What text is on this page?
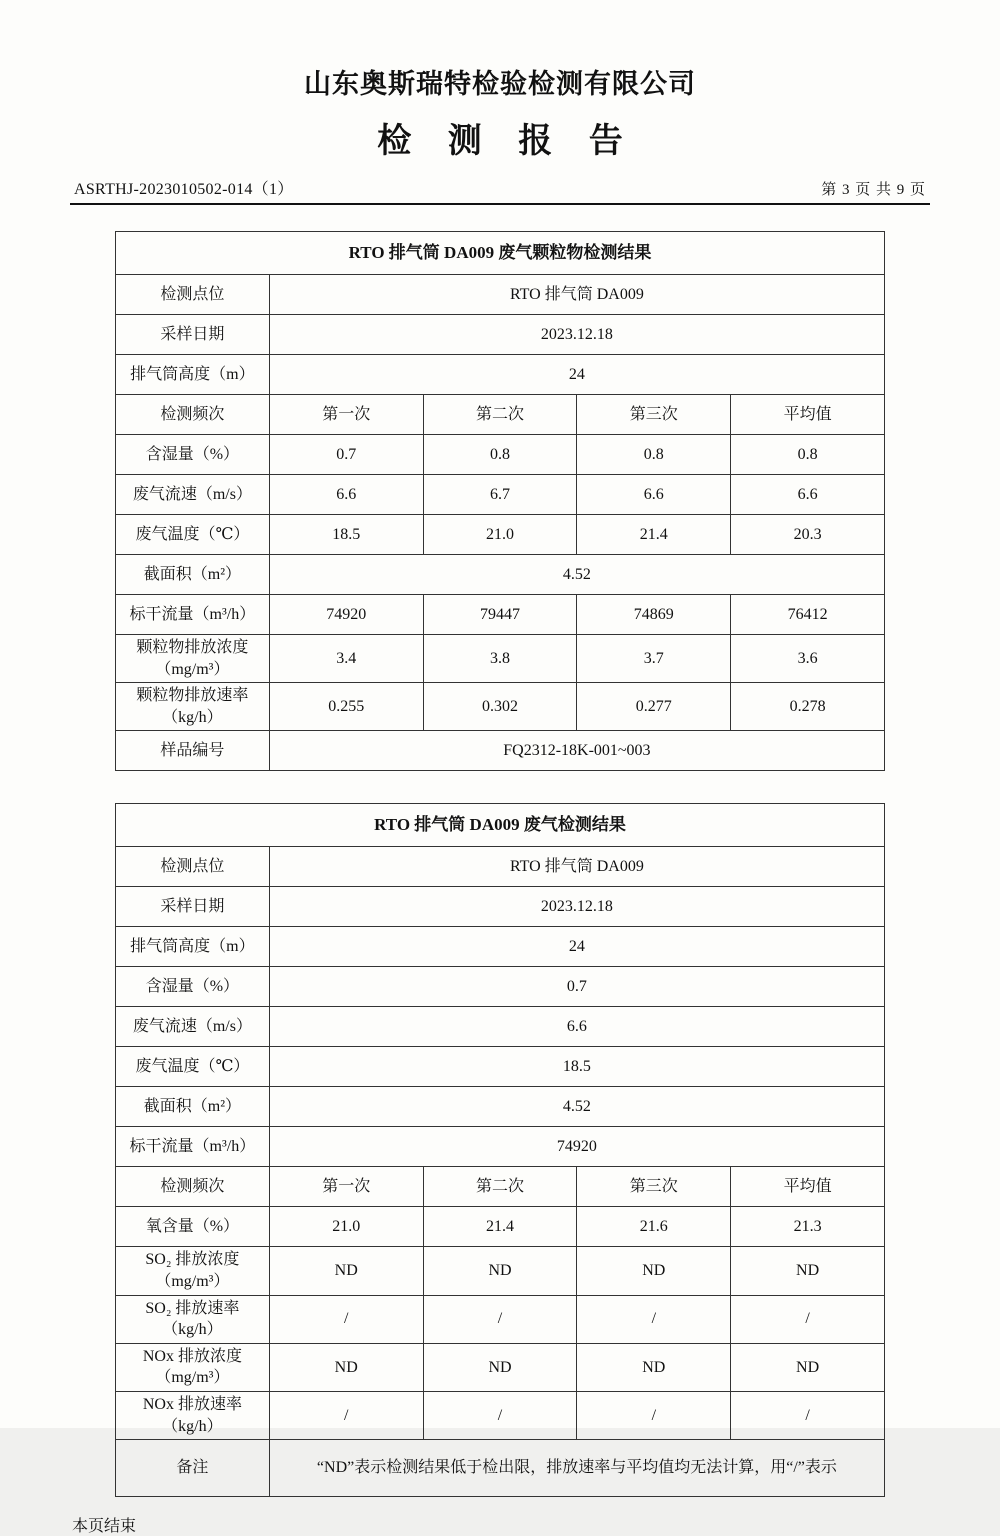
山东奥斯瑞特检验检测有限公司
检 测 报 告
ASRTHJ-2023010502-014（1）	第 3 页 共 9 页
RTO 排气筒 DA009 废气颗粒物检测结果				
检测点位	RTO 排气筒 DA009			
采样日期	2023.12.18			
排气筒高度（m）	24			
检测频次	第一次	第二次	第三次	平均值
含湿量（%）	0.7	0.8	0.8	0.8
废气流速（m/s）	6.6	6.7	6.6	6.6
废气温度（℃）	18.5	21.0	21.4	20.3
截面积（m²）	4.52			
标干流量（m³/h）	74920	79447	74869	76412
颗粒物排放浓度（mg/m³）	3.4	3.8	3.7	3.6
颗粒物排放速率（kg/h）	0.255	0.302	0.277	0.278
样品编号	FQ2312-18K-001~003			
RTO 排气筒 DA009 废气检测结果				
检测点位	RTO 排气筒 DA009			
采样日期	2023.12.18			
排气筒高度（m）	24			
含湿量（%）	0.7			
废气流速（m/s）	6.6			
废气温度（℃）	18.5			
截面积（m²）	4.52			
标干流量（m³/h）	74920			
检测频次	第一次	第二次	第三次	平均值
氧含量（%）	21.0	21.4	21.6	21.3
SO₂ 排放浓度（mg/m³）	ND	ND	ND	ND
SO₂ 排放速率（kg/h）	/	/	/	/
NOx 排放浓度（mg/m³）	ND	ND	ND	ND
NOx 排放速率（kg/h）	/	/	/	/
备注	“ND”表示检测结果低于检出限，排放速率与平均值均无法计算，用“/”表示			
本页结束
